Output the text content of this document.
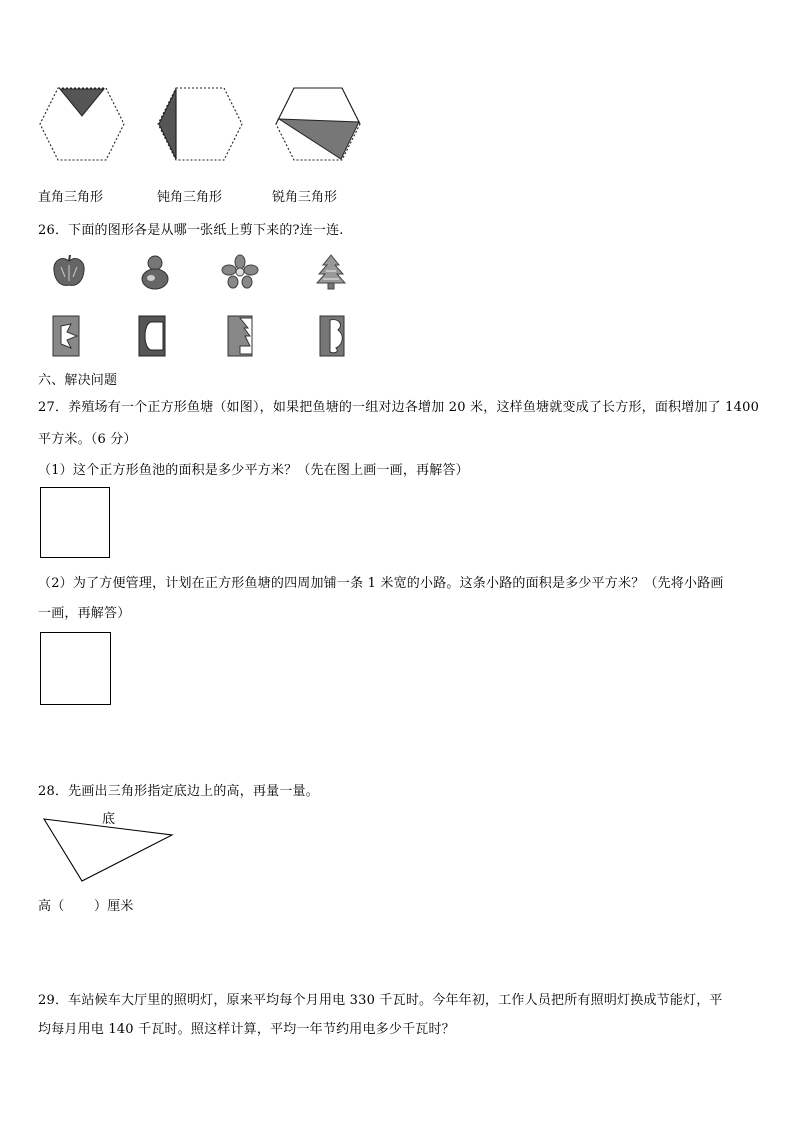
直角三角形	钝角三角形	锐角三角形
26．下面的图形各是从哪一张纸上剪下来的?连一连.
六、解决问题
27．养殖场有一个正方形鱼塘（如图），如果把鱼塘的一组对边各增加 20 米，这样鱼塘就变成了长方形，面积增加了 1400
平方米。（6 分）
（1）这个正方形鱼池的面积是多少平方米？（先在图上画一画，再解答）
（2）为了方便管理，计划在正方形鱼塘的四周加铺一条 1 米宽的小路。这条小路的面积是多少平方米？（先将小路画
一画，再解答）
28．先画出三角形指定底边上的高，再量一量。
底
高（ ）厘米
29．车站候车大厅里的照明灯，原来平均每个月用电 330 千瓦时。今年年初，工作人员把所有照明灯换成节能灯，平
均每月用电 140 千瓦时。照这样计算，平均一年节约用电多少千瓦时？
